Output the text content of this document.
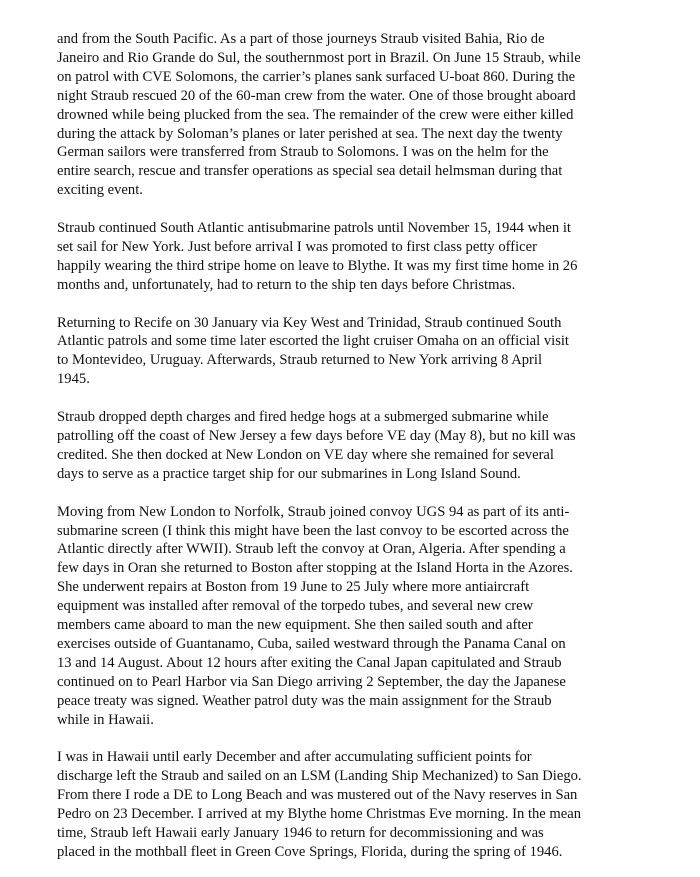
and from the South Pacific. As a part of those journeys Straub visited Bahia, Rio de
Janeiro and Rio Grande do Sul, the southernmost port in Brazil. On June 15 Straub, while
on patrol with CVE Solomons, the carrier’s planes sank surfaced U-boat 860. During the
night Straub rescued 20 of the 60-man crew from the water. One of those brought aboard
drowned while being plucked from the sea. The remainder of the crew were either killed
during the attack by Soloman’s planes or later perished at sea. The next day the twenty
German sailors were transferred from Straub to Solomons. I was on the helm for the
entire search, rescue and transfer operations as special sea detail helmsman during that
exciting event.

Straub continued South Atlantic antisubmarine patrols until November 15, 1944 when it
set sail for New York. Just before arrival I was promoted to first class petty officer
happily wearing the third stripe home on leave to Blythe. It was my first time home in 26
months and, unfortunately, had to return to the ship ten days before Christmas.

Returning to Recife on 30 January via Key West and Trinidad, Straub continued South
Atlantic patrols and some time later escorted the light cruiser Omaha on an official visit
to Montevideo, Uruguay. Afterwards, Straub returned to New York arriving 8 April
1945.

Straub dropped depth charges and fired hedge hogs at a submerged submarine while
patrolling off the coast of New Jersey a few days before VE day (May 8), but no kill was
credited. She then docked at New London on VE day where she remained for several
days to serve as a practice target ship for our submarines in Long Island Sound.

Moving from New London to Norfolk, Straub joined convoy UGS 94 as part of its anti-
submarine screen (I think this might have been the last convoy to be escorted across the
Atlantic directly after WWII). Straub left the convoy at Oran, Algeria. After spending a
few days in Oran she returned to Boston after stopping at the Island Horta in the Azores.
She underwent repairs at Boston from 19 June to 25 July where more antiaircraft
equipment was installed after removal of the torpedo tubes, and several new crew
members came aboard to man the new equipment. She then sailed south and after
exercises outside of Guantanamo, Cuba, sailed westward through the Panama Canal on
13 and 14 August. About 12 hours after exiting the Canal Japan capitulated and Straub
continued on to Pearl Harbor via San Diego arriving 2 September, the day the Japanese
peace treaty was signed. Weather patrol duty was the main assignment for the Straub
while in Hawaii.

I was in Hawaii until early December and after accumulating sufficient points for
discharge left the Straub and sailed on an LSM (Landing Ship Mechanized) to San Diego.
From there I rode a DE to Long Beach and was mustered out of the Navy reserves in San
Pedro on 23 December. I arrived at my Blythe home Christmas Eve morning. In the mean
time, Straub left Hawaii early January 1946 to return for decommissioning and was
placed in the mothball fleet in Green Cove Springs, Florida, during the spring of 1946.
